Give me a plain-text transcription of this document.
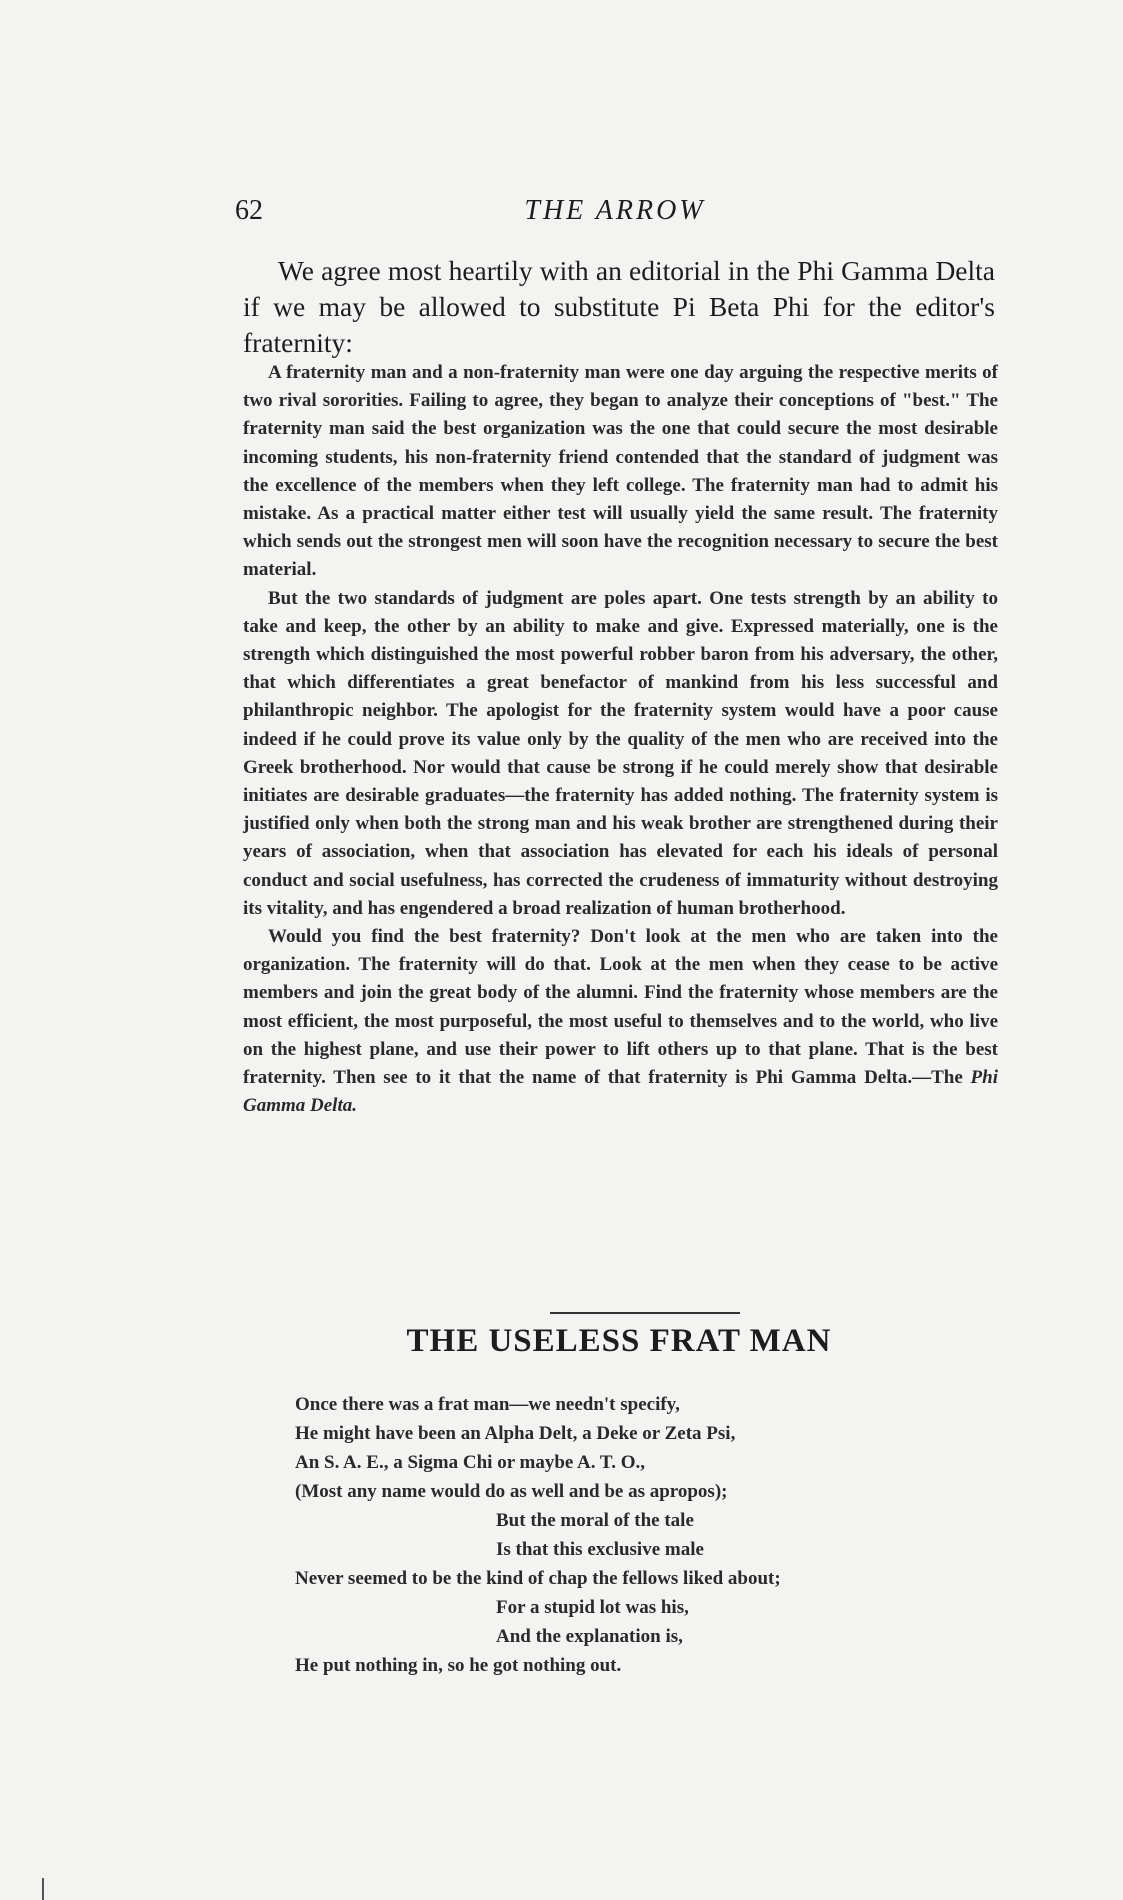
62	THE ARROW

We agree most heartily with an editorial in the Phi Gamma Delta if we may be allowed to substitute Pi Beta Phi for the editor's fraternity:

A fraternity man and a non-fraternity man were one day arguing the respective merits of two rival sororities. Failing to agree, they began to analyze their conceptions of "best." The fraternity man said the best organization was the one that could secure the most desirable incoming students, his non-fraternity friend contended that the standard of judgment was the excellence of the members when they left college. The fraternity man had to admit his mistake. As a practical matter either test will usually yield the same result. The fraternity which sends out the strongest men will soon have the recognition necessary to secure the best material.

But the two standards of judgment are poles apart. One tests strength by an ability to take and keep, the other by an ability to make and give. Expressed materially, one is the strength which distinguished the most powerful robber baron from his adversary, the other, that which differentiates a great benefactor of mankind from his less successful and philanthropic neighbor. The apologist for the fraternity system would have a poor cause indeed if he could prove its value only by the quality of the men who are received into the Greek brotherhood. Nor would that cause be strong if he could merely show that desirable initiates are desirable graduates—the fraternity has added nothing. The fraternity system is justified only when both the strong man and his weak brother are strengthened during their years of association, when that association has elevated for each his ideals of personal conduct and social usefulness, has corrected the crudeness of immaturity without destroying its vitality, and has engendered a broad realization of human brotherhood.

Would you find the best fraternity? Don't look at the men who are taken into the organization. The fraternity will do that. Look at the men when they cease to be active members and join the great body of the alumni. Find the fraternity whose members are the most efficient, the most purposeful, the most useful to themselves and to the world, who live on the highest plane, and use their power to lift others up to that plane. That is the best fraternity. Then see to it that the name of that fraternity is Phi Gamma Delta.—The Phi Gamma Delta.

THE USELESS FRAT MAN
Once there was a frat man—we needn't specify,
He might have been an Alpha Delt, a Deke or Zeta Psi,
An S. A. E., a Sigma Chi or maybe A. T. O.,
(Most any name would do as well and be as apropos);
But the moral of the tale
Is that this exclusive male
Never seemed to be the kind of chap the fellows liked about;
For a stupid lot was his,
And the explanation is,
He put nothing in, so he got nothing out.
